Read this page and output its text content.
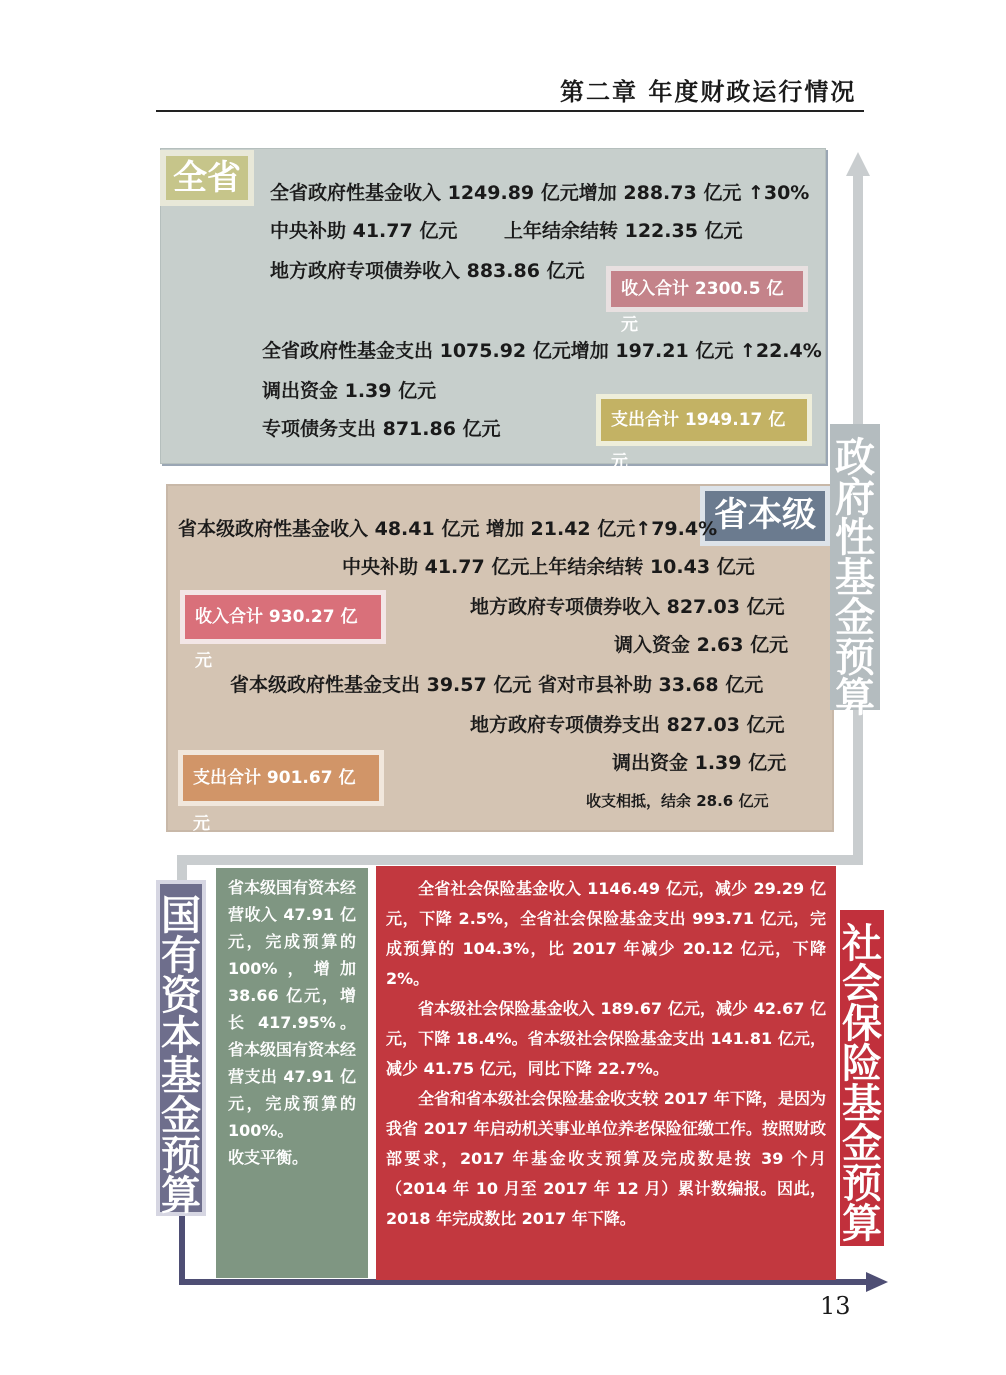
第二章 年度财政运行情况
全省	全省政府性基金收入 1249.89 亿元增加 288.73 亿元 ↑30%
中央补助 41.77 亿元 上年结余结转 122.35 亿元
地方政府专项债券收入 883.86 亿元
收入合计 2300.5 亿元
全省政府性基金支出 1075.92 亿元增加 197.21 亿元 ↑22.4%
调出资金 1.39 亿元
专项债务支出 871.86 亿元	支出合计 1949.17 亿元
省本级
省本级政府性基金收入 48.41 亿元 增加 21.42 亿元↑79.4%
中央补助 41.77 亿元上年结余结转 10.43 亿元
收入合计 930.27 亿元
地方政府专项债券收入 827.03 亿元
调入资金 2.63 亿元
省本级政府性基金支出 39.57 亿元 省对市县补助 33.68 亿元
地方政府专项债券支出 827.03 亿元
调出资金 1.39 亿元
支出合计 901.67 亿元
收支相抵，结余 28.6 亿元
政
府
性
基
金
预
算
国
有
资
本
基
金
预
算
社
会
保
险
基
金
预
算

省本级国有资本经营收入 47.91 亿元，完成预算的 100%，增加 38.66 亿元，增长 417.95%。省本级国有资本经营支出 47.91 亿元，完成预算的 100%。

收支平衡。

全省社会保险基金收入 1146.49 亿元，减少 29.29 亿元，下降 2.5%，全省社会保险基金支出 993.71 亿元，完成预算的 104.3%，比 2017 年减少 20.12 亿元，下降 2%。

省本级社会保险基金收入 189.67 亿元，减少 42.67 亿元，下降 18.4%。省本级社会保险基金支出 141.81 亿元，减少 41.75 亿元，同比下降 22.7%。

全省和省本级社会保险基金收支较 2017 年下降，是因为我省 2017 年启动机关事业单位养老保险征缴工作。按照财政部要求，2017 年基金收支预算及完成数是按 39 个月（2014 年 10 月至 2017 年 12 月）累计数编报。因此，2018 年完成数比 2017 年下降。

13
